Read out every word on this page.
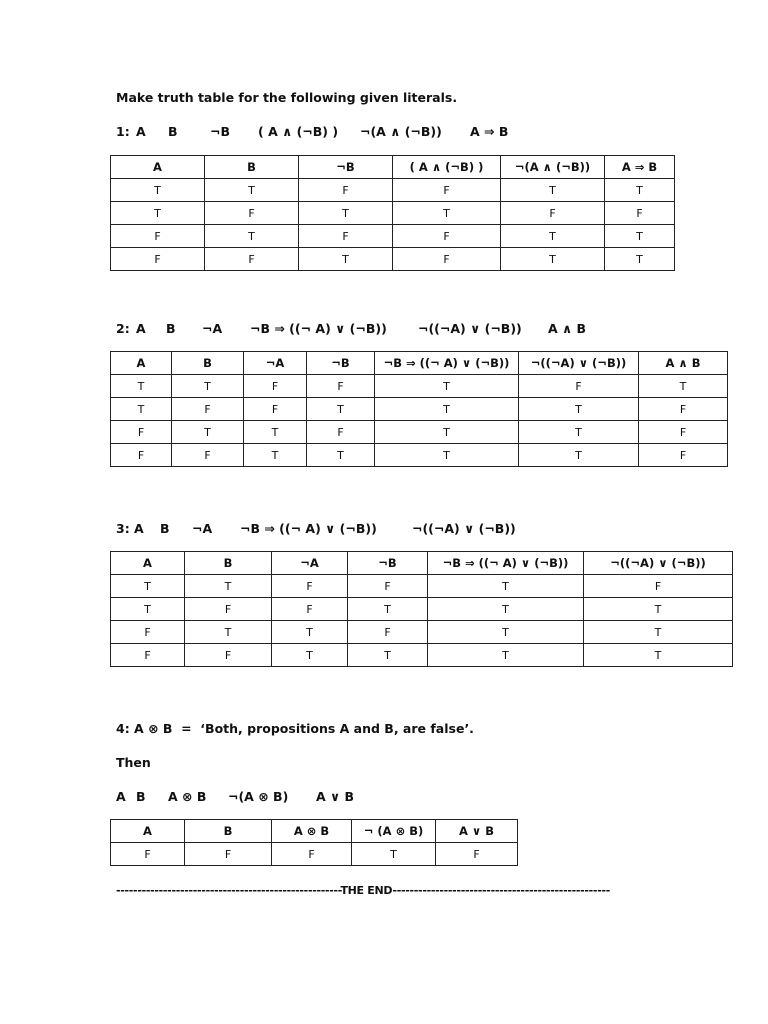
Make truth table for the following given literals.
1: A	B	¬B	( A ∧ (¬B) )	¬(A ∧ (¬B))	A ⇒ B
A	B	¬B	( A ∧ (¬B) )	¬(A ∧ (¬B))	A ⇒ B
T	T	F	F	T	T
T	F	T	T	F	F
F	T	F	F	T	T
F	F	T	F	T	T
2: A	B	¬A	¬B ⇒ ((¬ A) ∨ (¬B))	¬((¬A) ∨ (¬B))	A ∧ B
A	B	¬A	¬B	¬B ⇒ ((¬ A) ∨ (¬B))	¬((¬A) ∨ (¬B))	A ∧ B
T	T	F	F	T	F	T
T	F	F	T	T	T	F
F	T	T	F	T	T	F
F	F	T	T	T	T	F
3: A	B	¬A	¬B ⇒ ((¬ A) ∨ (¬B))	¬((¬A) ∨ (¬B))
A	B	¬A	¬B	¬B ⇒ ((¬ A) ∨ (¬B))	¬((¬A) ∨ (¬B))
T	T	F	F	T	F
T	F	F	T	T	T
F	T	T	F	T	T
F	F	T	T	T	T
4: A ⊗ B  =  ‘Both, propositions A and B, are false’.
Then
A B	A ⊗ B	¬(A ⊗ B)	A ∨ B
A	B	A ⊗ B	¬ (A ⊗ B)	A ∨ B
F	F	F	T	F
-----------------------------------------------------THE END---------------------------------------------------
